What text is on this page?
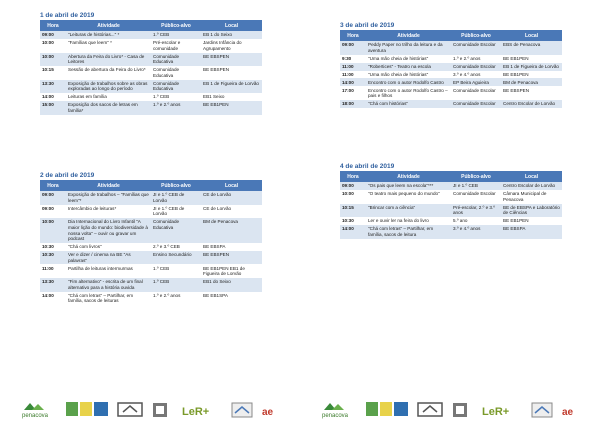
1 de abril de 2019
Hora	Atividade	Público-alvo	Local
09:00	"Leituras de histórias..." *	1.º CEB	EB 1 do Seixo
10:00	"Famílias que leem" *	Pré-escolar e comunidade	Jardins Infância do Agrupamento
10:00	Abertura da Feira do Livro* - Casa de Leitores	Comunidade Educativa	BE EBSPEN
10:15	Sessão de abertura da Feira do Livro*	Comunidade Educativa	BE EBSPEN
13:30	Exposição de trabalhos sobre as obras exploradas ao longo do período	Comunidade Educativa	EB 1 de Figueira de Lorvão
14:00	Leituras em família	1.º CEB	EB1 Seixo
15:00	Exposição dos sacos de letras em família*	1.º e 2.º anos	BE EB1PEN
2 de abril de 2019
Hora	Atividade	Público-alvo	Local
09:00	Exposição de trabalhos – "Famílias que leem"*	JI e 1.º CEB de Lorvão	CE de Lorvão
09:00	Intercâmbio de leituras*	JI e 1.º CEB de Lorvão	CE de Lorvão
10:00	Dia Internacional do Livro Infantil "A maior lição do mundo: biodiversidade à nossa volta" – ouvir ou gravar um podcast	Comunidade Educativa	BM de Penacova
10:30	"Chá com livros"	2.º e 3.º CEB	BE EBSPA
10:30	Ver e dizer / cinema na BE "As palavras"	Ensino Secundário	BE EBSPEN
11:00	Partilha de leituras intermurmas	1.º CEB	BE EB1PEN EB1 de Figueira de Lorvão
13:30	"Fim alternativo" - escrita de um final alternativo para a história ouvida	1.º CEB	EB1 do Seixo
14:00	"Chá com letras" – Partilhar, em família, sacos de leituras	1.º e 2.º anos	BE EB1SPA
penacova	LeR+	ae
3 de abril de 2019
Hora	Atividade	Público-alvo	Local
09:00	Peddy Paper no trilho da leitura e da aventura	Comunidade Escolar	EBS de Penacova
9:30	"Uma mão cheia de histórias"	1.º e 2.º anos	BE EB1PEN
11:00	"Robertices" - Teatro na escola	Comunidade Escolar	EB 1 de Figueira de Lorvão
11:00	"Uma mão cheia de histórias"	3.º e 4.º anos	BE EB1PEN
14:00	Encontro com o autor Rodolfo Castro	EP Beira Aguieira	BM de Penacova
17:00	Encontro com o autor Rodolfo Castro – pais e filhos	Comunidade Escolar	BE EBSPEN
18:00	"Chá com histórias"	Comunidade Escolar	Centro Escolar de Lorvão
4 de abril de 2019
Hora	Atividade	Público-alvo	Local
09:00	"Os pais que leem na escola"***	JI e 1.º CEB	Centro Escolar de Lorvão
10:00	"O teatro mais pequeno do mundo"	Comunidade Escolar	Câmara Municipal de Penacova
10:15	"Brincar com a ciência"	Pré-escolar, 2.º e 3.º anos	BE de EBSPA e Laboratório de Ciências
10:30	Ler e ouvir ler na feira do livro	5.º ano	BE EB1PEN
14:00	"Chá com letras" – Partilhar, em família, sacos de leitura	3.º e 4.º anos	BE EBSPA
penacova	LeR+	ae
